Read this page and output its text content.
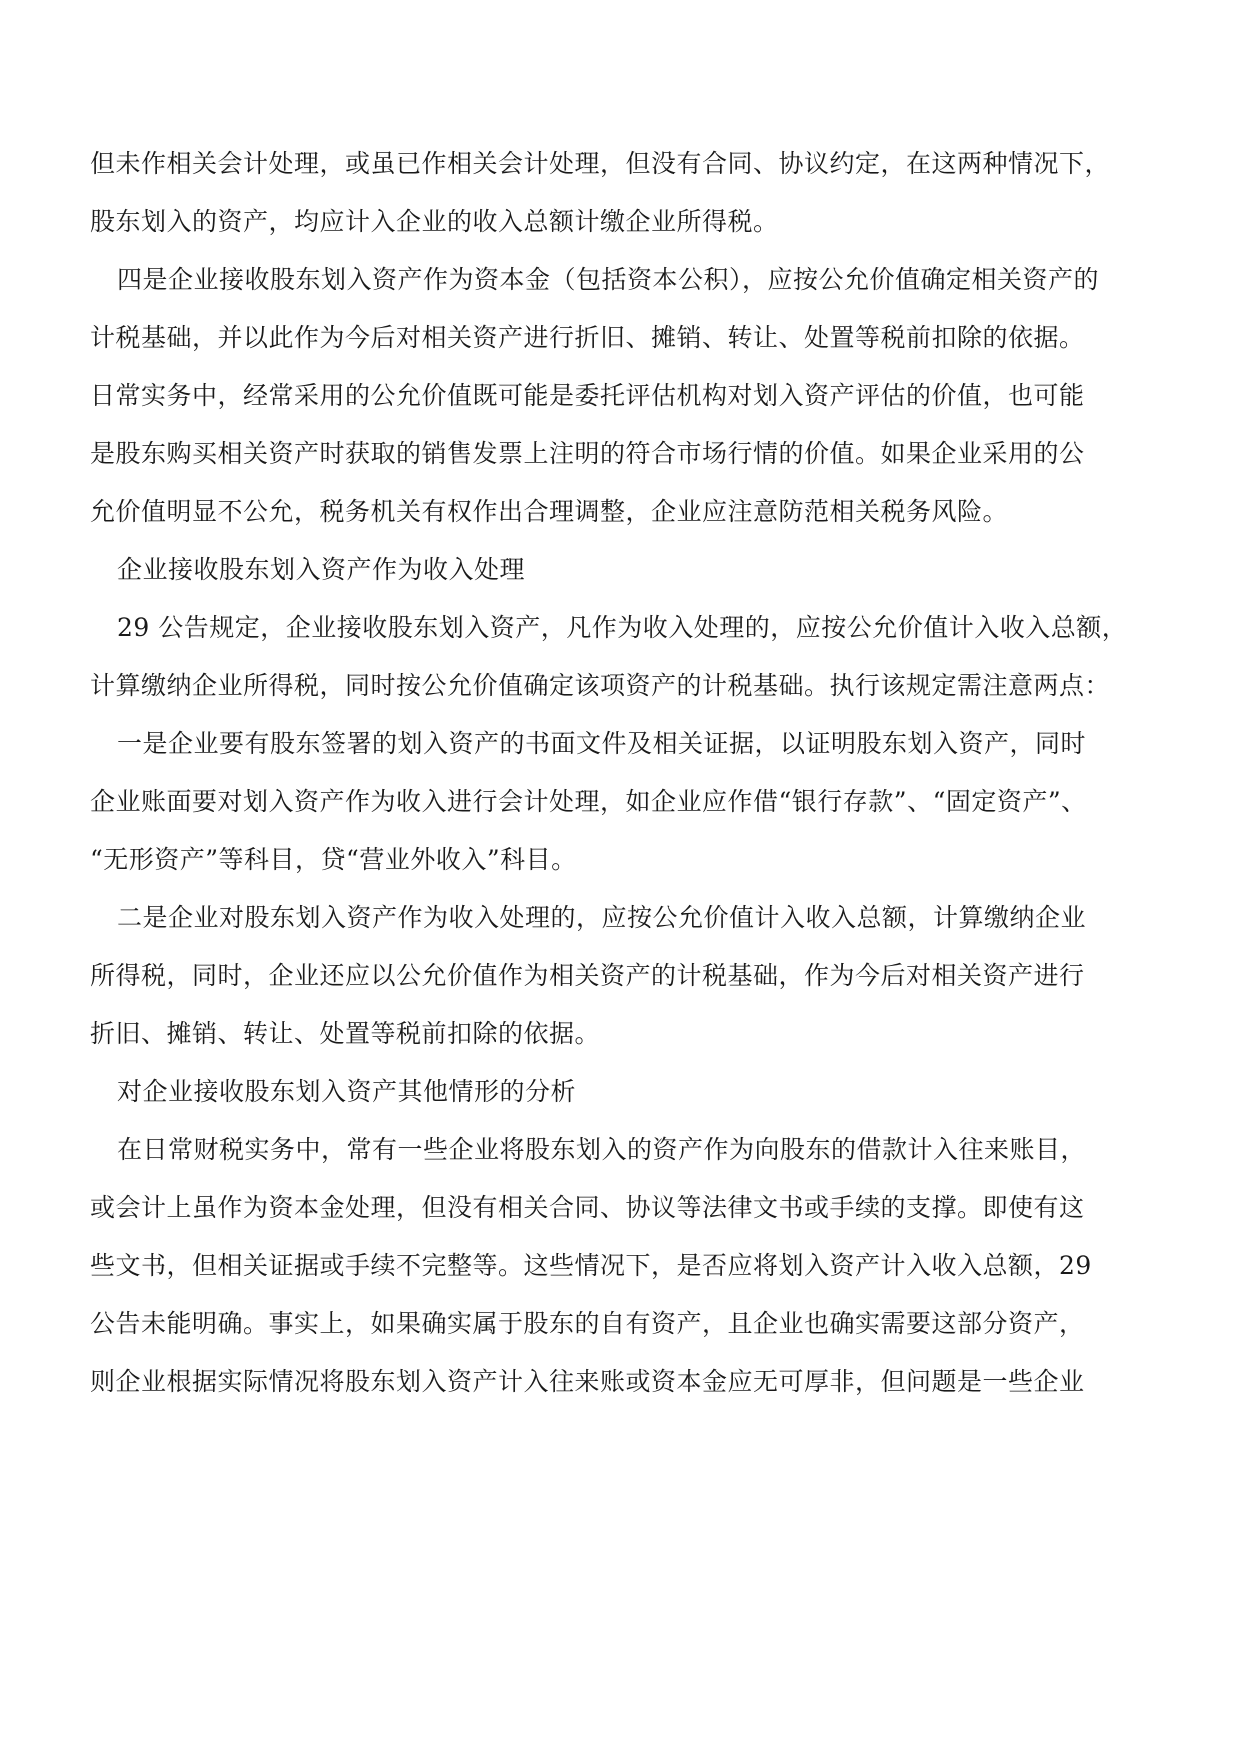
但未作相关会计处理，或虽已作相关会计处理，但没有合同、协议约定，在这两种情况下，

股东划入的资产，均应计入企业的收入总额计缴企业所得税。

四是企业接收股东划入资产作为资本金（包括资本公积），应按公允价值确定相关资产的

计税基础，并以此作为今后对相关资产进行折旧、摊销、转让、处置等税前扣除的依据。

日常实务中，经常采用的公允价值既可能是委托评估机构对划入资产评估的价值，也可能

是股东购买相关资产时获取的销售发票上注明的符合市场行情的价值。如果企业采用的公

允价值明显不公允，税务机关有权作出合理调整，企业应注意防范相关税务风险。

企业接收股东划入资产作为收入处理

29 公告规定，企业接收股东划入资产，凡作为收入处理的，应按公允价值计入收入总额，

计算缴纳企业所得税，同时按公允价值确定该项资产的计税基础。执行该规定需注意两点：

一是企业要有股东签署的划入资产的书面文件及相关证据，以证明股东划入资产，同时

企业账面要对划入资产作为收入进行会计处理，如企业应作借“银行存款”、“固定资产”、

“无形资产”等科目，贷“营业外收入”科目。

二是企业对股东划入资产作为收入处理的，应按公允价值计入收入总额，计算缴纳企业

所得税，同时，企业还应以公允价值作为相关资产的计税基础，作为今后对相关资产进行

折旧、摊销、转让、处置等税前扣除的依据。

对企业接收股东划入资产其他情形的分析

在日常财税实务中，常有一些企业将股东划入的资产作为向股东的借款计入往来账目，

或会计上虽作为资本金处理，但没有相关合同、协议等法律文书或手续的支撑。即使有这

些文书，但相关证据或手续不完整等。这些情况下，是否应将划入资产计入收入总额，29

公告未能明确。事实上，如果确实属于股东的自有资产，且企业也确实需要这部分资产，

则企业根据实际情况将股东划入资产计入往来账或资本金应无可厚非，但问题是一些企业
